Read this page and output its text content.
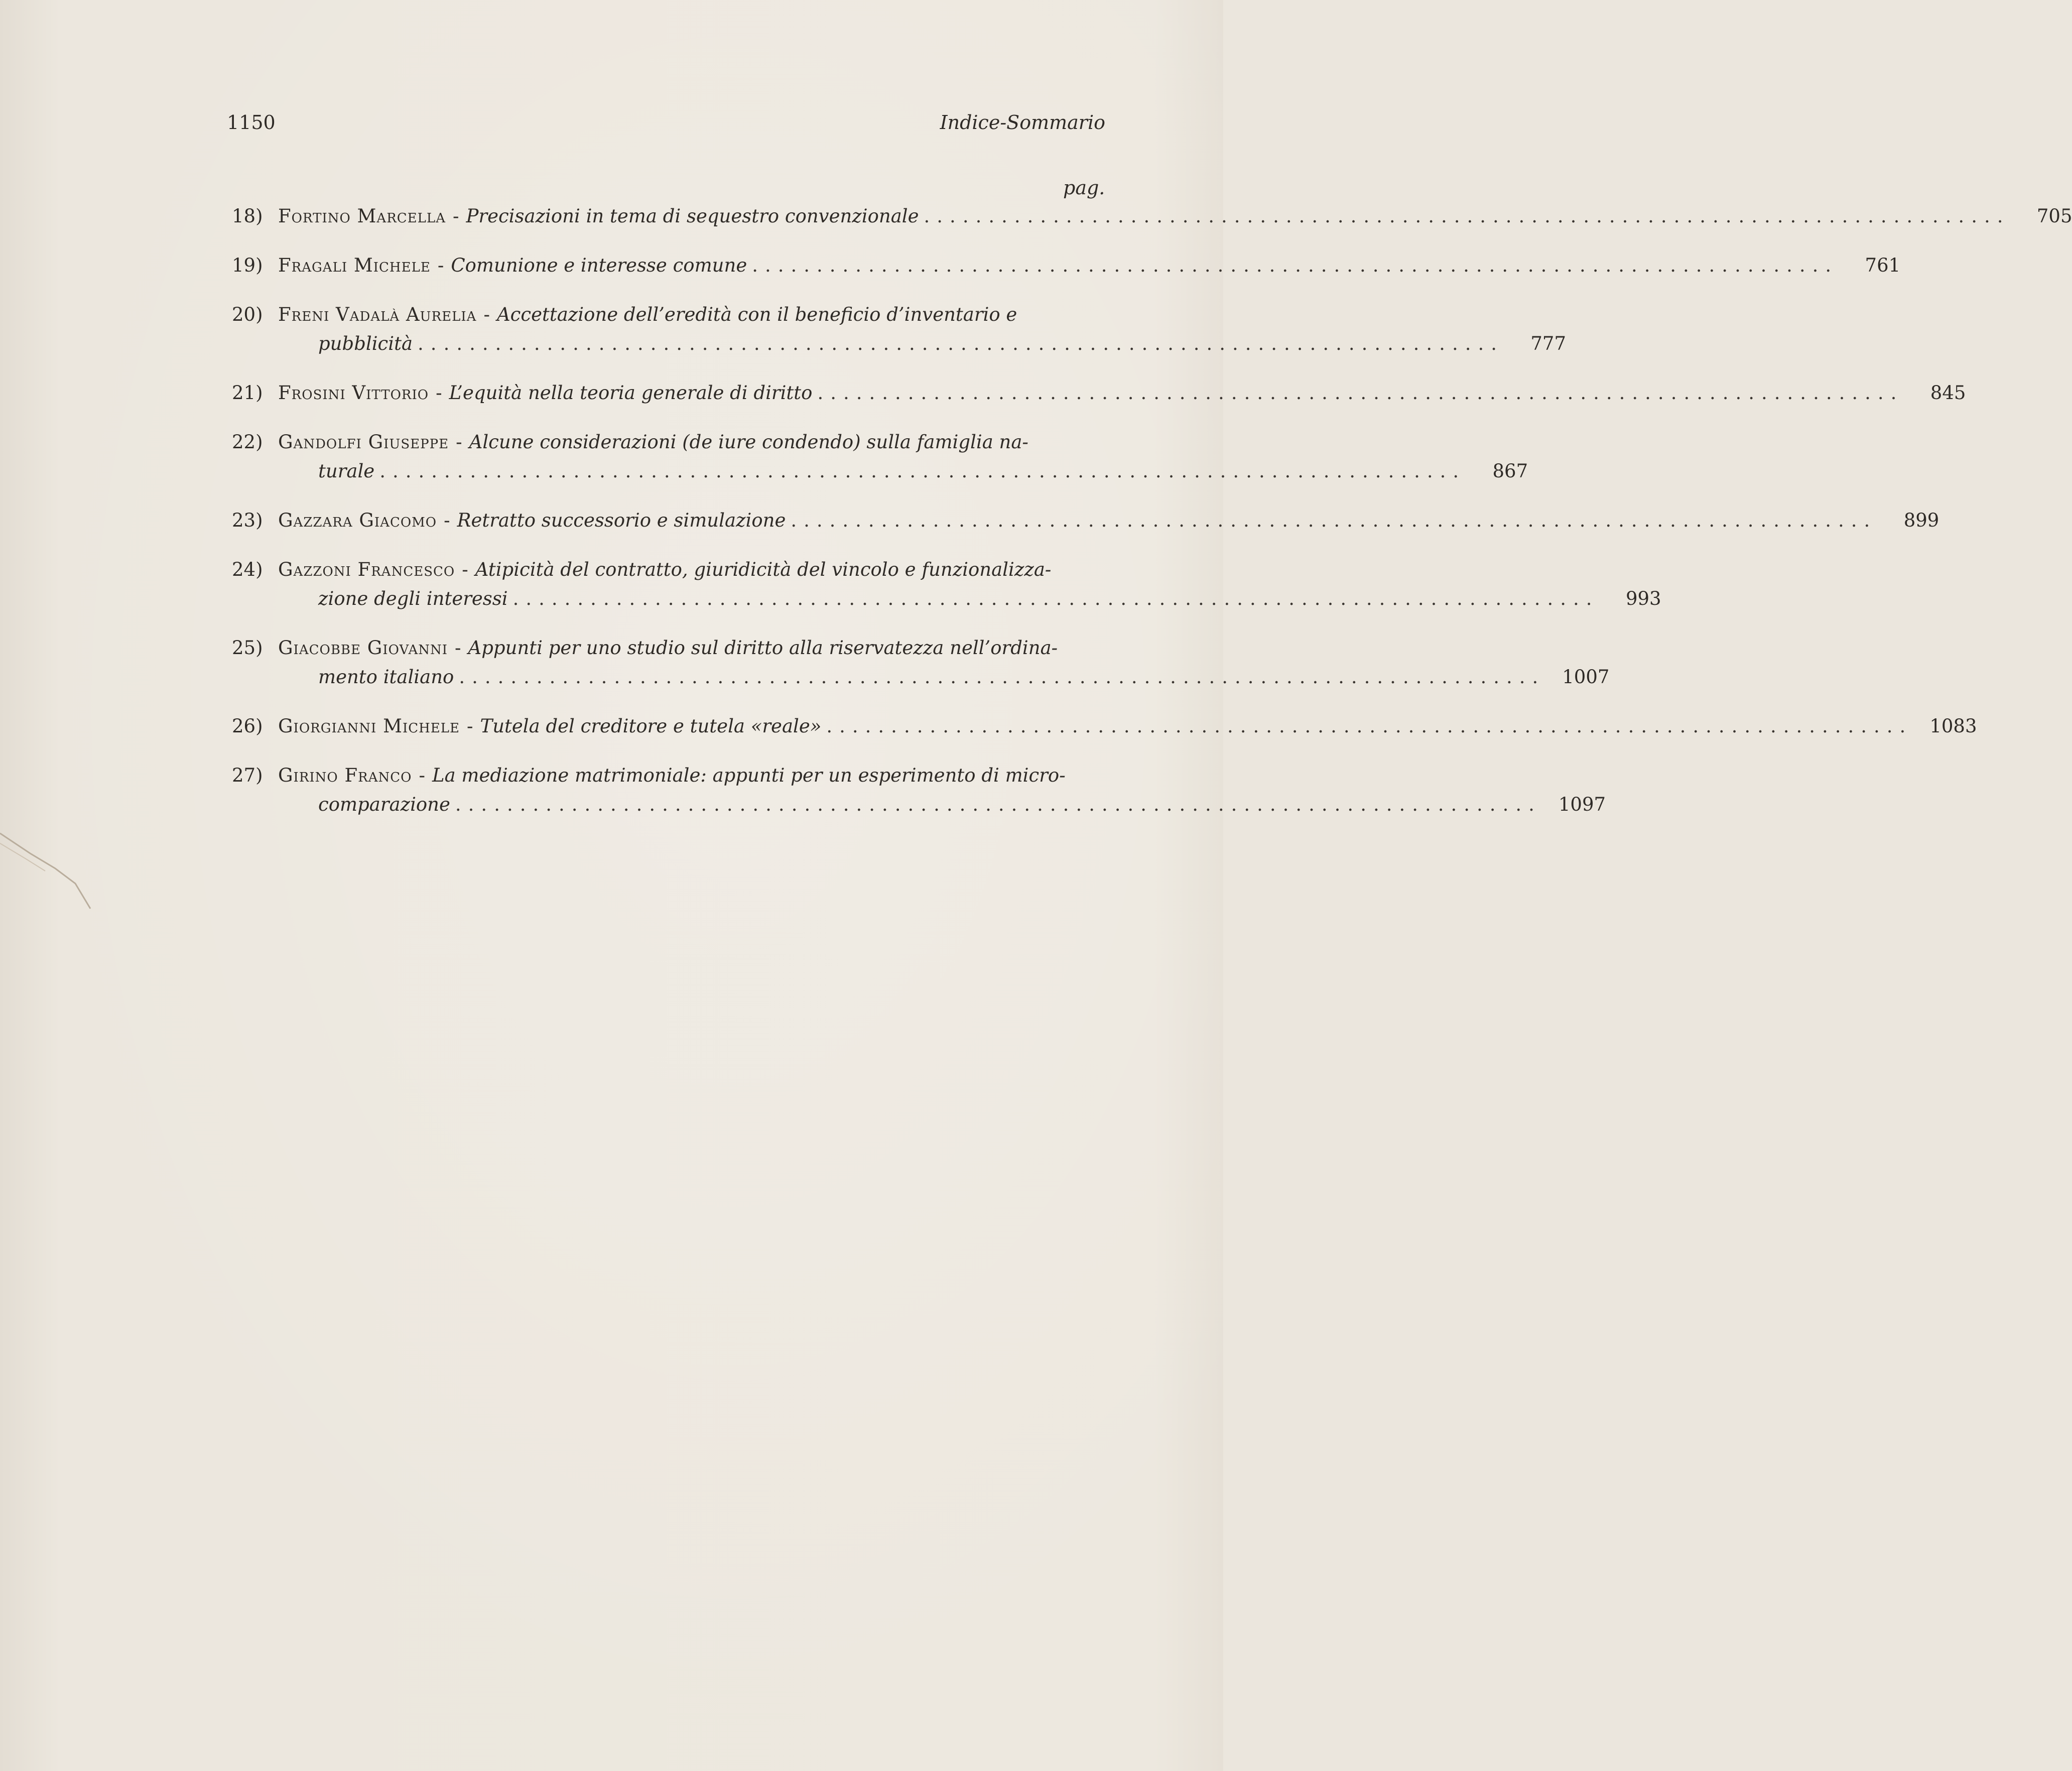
1150	Indice-Sommario
pag.
18) Fortino Marcella - Precisazioni in tema di sequestro convenzionale ....................................................................................	705
19) Fragali Michele - Comunione e interesse comune ....................................................................................	761
20) Freni Vadalà Aurelia - Accettazione dell’eredità con il beneficio d’inventario e
pubblicità ....................................................................................	777
21) Frosini Vittorio - L’equità nella teoria generale di diritto ....................................................................................	845
22) Gandolfi Giuseppe - Alcune considerazioni (de iure condendo) sulla famiglia na-
turale ....................................................................................	867
23) Gazzara Giacomo - Retratto successorio e simulazione ....................................................................................	899
24) Gazzoni Francesco - Atipicità del contratto, giuridicità del vincolo e funzionalizza-
zione degli interessi ....................................................................................	993
25) Giacobbe Giovanni - Appunti per uno studio sul diritto alla riservatezza nell’ordina-
mento italiano .................................................................................... 1007
26) Giorgianni Michele - Tutela del creditore e tutela «reale» .................................................................................... 1083
27) Girino Franco - La mediazione matrimoniale: appunti per un esperimento di micro-
comparazione .................................................................................... 1097
